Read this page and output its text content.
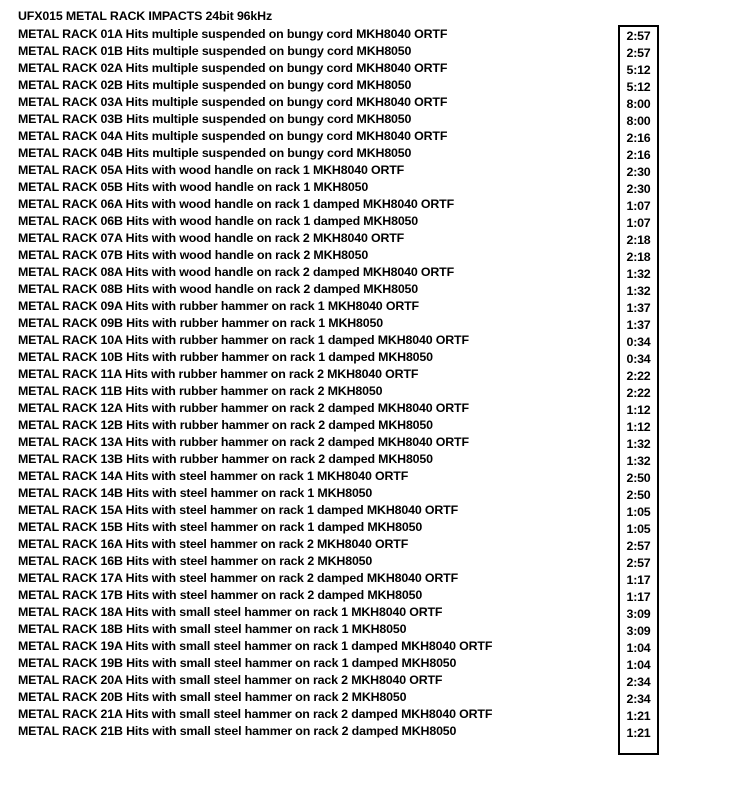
UFX015 METAL RACK IMPACTS 24bit 96kHz
METAL RACK 01A Hits multiple suspended on bungy cord MKH8040 ORTF
METAL RACK 01B Hits multiple suspended on bungy cord MKH8050
METAL RACK 02A Hits multiple suspended on bungy cord MKH8040 ORTF
METAL RACK 02B Hits multiple suspended on bungy cord MKH8050
METAL RACK 03A Hits multiple suspended on bungy cord MKH8040 ORTF
METAL RACK 03B Hits multiple suspended on bungy cord MKH8050
METAL RACK 04A Hits multiple suspended on bungy cord MKH8040 ORTF
METAL RACK 04B Hits multiple suspended on bungy cord MKH8050
METAL RACK 05A Hits with wood handle on rack 1 MKH8040 ORTF
METAL RACK 05B Hits with wood handle on rack 1 MKH8050
METAL RACK 06A Hits with wood handle on rack 1 damped MKH8040 ORTF
METAL RACK 06B Hits with wood handle on rack 1 damped MKH8050
METAL RACK 07A Hits with wood handle on rack 2 MKH8040 ORTF
METAL RACK 07B Hits with wood handle on rack 2 MKH8050
METAL RACK 08A Hits with wood handle on rack 2 damped MKH8040 ORTF
METAL RACK 08B Hits with wood handle on rack 2 damped MKH8050
METAL RACK 09A Hits with rubber hammer on rack 1 MKH8040 ORTF
METAL RACK 09B Hits with rubber hammer on rack 1 MKH8050
METAL RACK 10A Hits with rubber hammer on rack 1 damped MKH8040 ORTF
METAL RACK 10B Hits with rubber hammer on rack 1 damped MKH8050
METAL RACK 11A Hits with rubber hammer on rack 2 MKH8040 ORTF
METAL RACK 11B Hits with rubber hammer on rack 2 MKH8050
METAL RACK 12A Hits with rubber hammer on rack 2 damped MKH8040 ORTF
METAL RACK 12B Hits with rubber hammer on rack 2 damped MKH8050
METAL RACK 13A Hits with rubber hammer on rack 2 damped MKH8040 ORTF
METAL RACK 13B Hits with rubber hammer on rack 2 damped MKH8050
METAL RACK 14A Hits with steel hammer on rack 1 MKH8040 ORTF
METAL RACK 14B Hits with steel hammer on rack 1 MKH8050
METAL RACK 15A Hits with steel hammer on rack 1 damped MKH8040 ORTF
METAL RACK 15B Hits with steel hammer on rack 1 damped MKH8050
METAL RACK 16A Hits with steel hammer on rack 2 MKH8040 ORTF
METAL RACK 16B Hits with steel hammer on rack 2 MKH8050
METAL RACK 17A Hits with steel hammer on rack 2 damped MKH8040 ORTF
METAL RACK 17B Hits with steel hammer on rack 2 damped MKH8050
METAL RACK 18A Hits with small steel hammer on rack 1 MKH8040 ORTF
METAL RACK 18B Hits with small steel hammer on rack 1 MKH8050
METAL RACK 19A Hits with small steel hammer on rack 1 damped MKH8040 ORTF
METAL RACK 19B Hits with small steel hammer on rack 1 damped MKH8050
METAL RACK 20A Hits with small steel hammer on rack 2 MKH8040 ORTF
METAL RACK 20B Hits with small steel hammer on rack 2 MKH8050
METAL RACK 21A Hits with small steel hammer on rack 2 damped MKH8040 ORTF
METAL RACK 21B Hits with small steel hammer on rack 2 damped MKH8050
2:57
2:57
5:12
5:12
8:00
8:00
2:16
2:16
2:30
2:30
1:07
1:07
2:18
2:18
1:32
1:32
1:37
1:37
0:34
0:34
2:22
2:22
1:12
1:12
1:32
1:32
2:50
2:50
1:05
1:05
2:57
2:57
1:17
1:17
3:09
3:09
1:04
1:04
2:34
2:34
1:21
1:21
